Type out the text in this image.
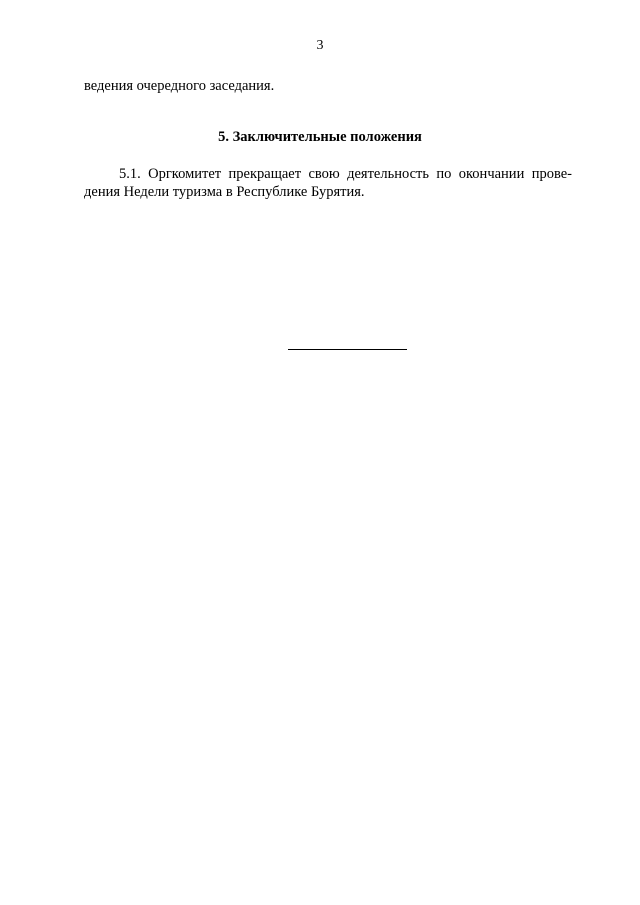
3
ведения очередного заседания.
5. Заключительные положения
5.1. Оргкомитет прекращает свою деятельность по окончании прове-
дения Недели туризма в Республике Бурятия.
